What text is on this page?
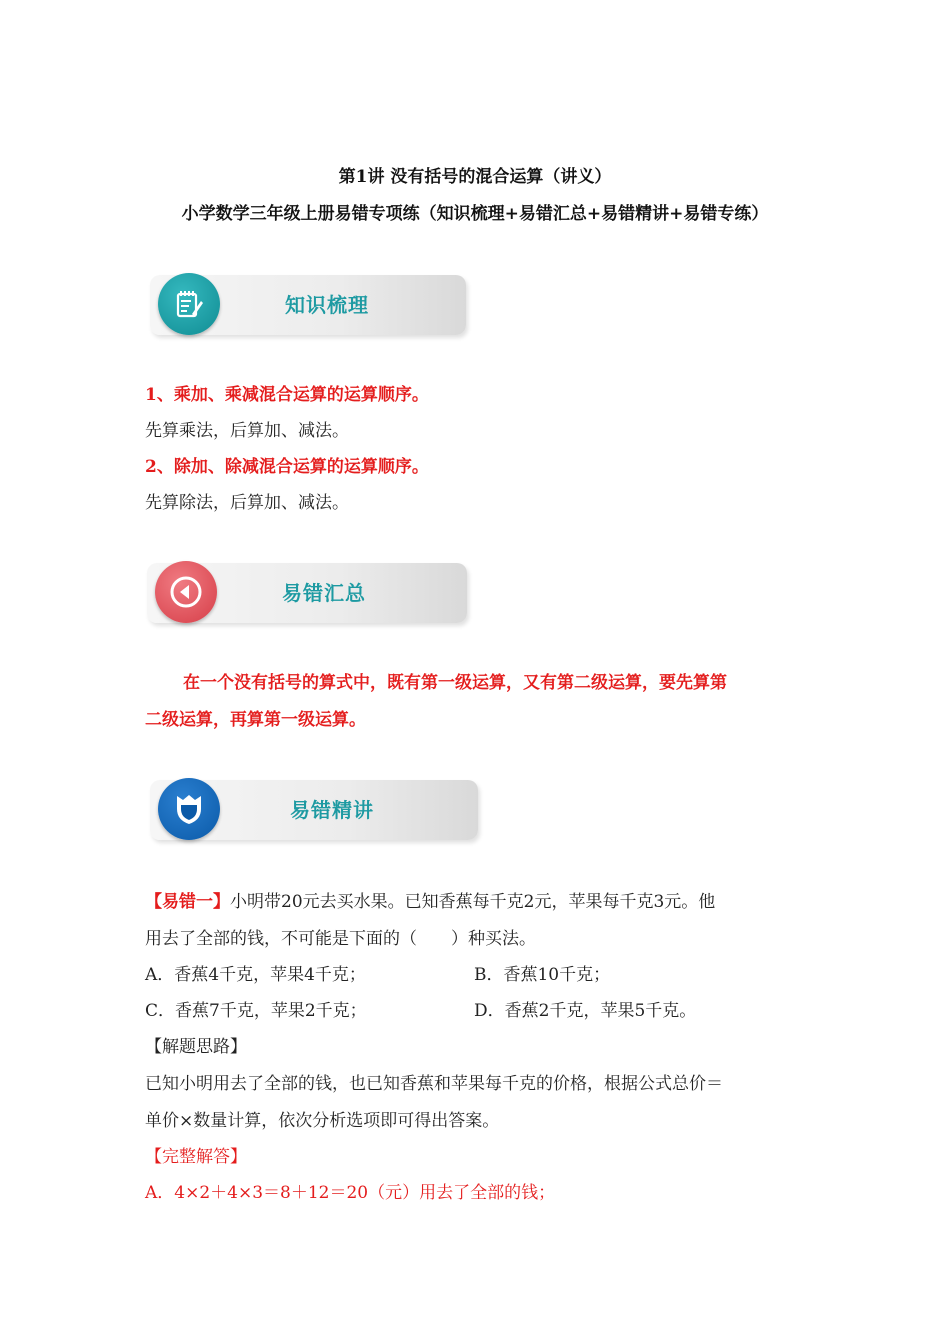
第1讲 没有括号的混合运算（讲义）
小学数学三年级上册易错专项练（知识梳理+易错汇总+易错精讲+易错专练）
知识梳理
1、乘加、乘减混合运算的运算顺序。
先算乘法，后算加、减法。
2、除加、除减混合运算的运算顺序。
先算除法，后算加、减法。
易错汇总
在一个没有括号的算式中，既有第一级运算，又有第二级运算，要先算第
二级运算，再算第一级运算。
易错精讲
【易错一】小明带20元去买水果。已知香蕉每千克2元，苹果每千克3元。他
用去了全部的钱，不可能是下面的（　　）种买法。
A．香蕉4千克，苹果4千克；	B．香蕉10千克；
C．香蕉7千克，苹果2千克；	D．香蕉2千克，苹果5千克。
【解题思路】
已知小明用去了全部的钱，也已知香蕉和苹果每千克的价格，根据公式总价＝
单价×数量计算，依次分析选项即可得出答案。
【完整解答】
A．4×2＋4×3＝8＋12＝20（元）用去了全部的钱；
